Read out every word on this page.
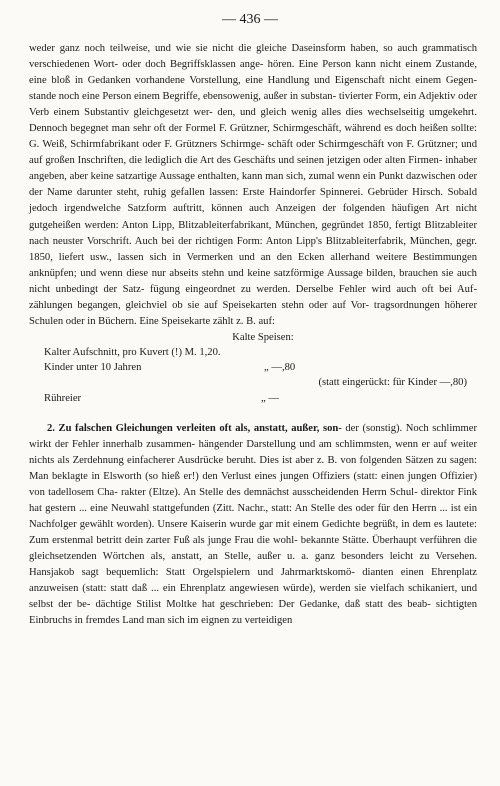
— 436 —

weder ganz noch teilweise, und wie sie nicht die gleiche Daseinsform haben, so auch grammatisch verschiedenen Wort- oder doch Begriffsklassen ange- hören. Eine Person kann nicht einem Zustande, eine bloß in Gedanken vorhandene Vorstellung, eine Handlung und Eigenschaft nicht einem Gegen- stande noch eine Person einem Begriffe, ebensowenig, außer in substan- tivierter Form, ein Adjektiv oder Verb einem Substantiv gleichgesetzt wer- den, und gleich wenig alles dies wechselseitig umgekehrt. Dennoch begegnet man sehr oft der Formel F. Grützner, Schirmgeschäft, während es doch heißen sollte: G. Weiß, Schirmfabrikant oder F. Grützners Schirmge- schäft oder Schirmgeschäft von F. Grützner; und auf großen Inschriften, die lediglich die Art des Geschäfts und seinen jetzigen oder alten Firmen- inhaber angeben, aber keine satzartige Aussage enthalten, kann man sich, zumal wenn ein Punkt dazwischen oder der Name darunter steht, ruhig gefallen lassen: Erste Haindorfer Spinnerei. Gebrüder Hirsch. Sobald jedoch irgendwelche Satzform auftritt, können auch Anzeigen der folgenden häufigen Art nicht gutgeheißen werden: Anton Lipp, Blitzableiterfabrikant, München, gegründet 1850, fertigt Blitzableiter nach neuster Vorschrift. Auch bei der richtigen Form: Anton Lipp's Blitzableiterfabrik, München, gegr. 1850, liefert usw., lassen sich in Vermerken und an den Ecken allerhand weitere Bestimmungen anknüpfen; und wenn diese nur abseits stehn und keine satzförmige Aussage bilden, brauchen sie auch nicht unbedingt der Satz- fügung eingeordnet zu werden. Derselbe Fehler wird auch oft bei Auf- zählungen begangen, gleichviel ob sie auf Speisekarten stehn oder auf Vor- tragsordnungen höherer Schulen oder in Büchern. Eine Speisekarte zählt z. B. auf:

Kalte Speisen:
Kalter Aufschnitt, pro Kuvert (!) M. 1,20.
Kinder unter 10 Jahren	„ —,80
(statt eingerückt: für Kinder —,80)
Rühreier	„ —

2. Zu falschen Gleichungen verleiten oft als, anstatt, außer, son- der (sonstig). Noch schlimmer wirkt der Fehler innerhalb zusammen- hängender Darstellung und am schlimmsten, wenn er auf weiter nichts als Zerdehnung einfacherer Ausdrücke beruht. Dies ist aber z. B. von folgenden Sätzen zu sagen: Man beklagte in Elsworth (so hieß er!) den Verlust eines jungen Offiziers (statt: einen jungen Offizier) von tadellosem Cha- rakter (Eltze). An Stelle des demnächst ausscheidenden Herrn Schul- direktor Fink hat gestern ... eine Neuwahl stattgefunden (Zitt. Nachr., statt: An Stelle des oder für den Herrn ... ist ein Nachfolger gewählt worden). Unsere Kaiserin wurde gar mit einem Gedichte begrüßt, in dem es lautete: Zum erstenmal betritt dein zarter Fuß als junge Frau die wohl- bekannte Stätte. Überhaupt verführen die gleichsetzenden Wörtchen als, anstatt, an Stelle, außer u. a. ganz besonders leicht zu Versehen. Hansjakob sagt bequemlich: Statt Orgelspielern und Jahrmarktskomö- dianten einen Ehrenplatz anzuweisen (statt: statt daß ... ein Ehrenplatz angewiesen würde), werden sie vielfach schikaniert, und selbst der be- dächtige Stilist Moltke hat geschrieben: Der Gedanke, daß statt des beab- sichtigten Einbruchs in fremdes Land man sich im eignen zu verteidigen
